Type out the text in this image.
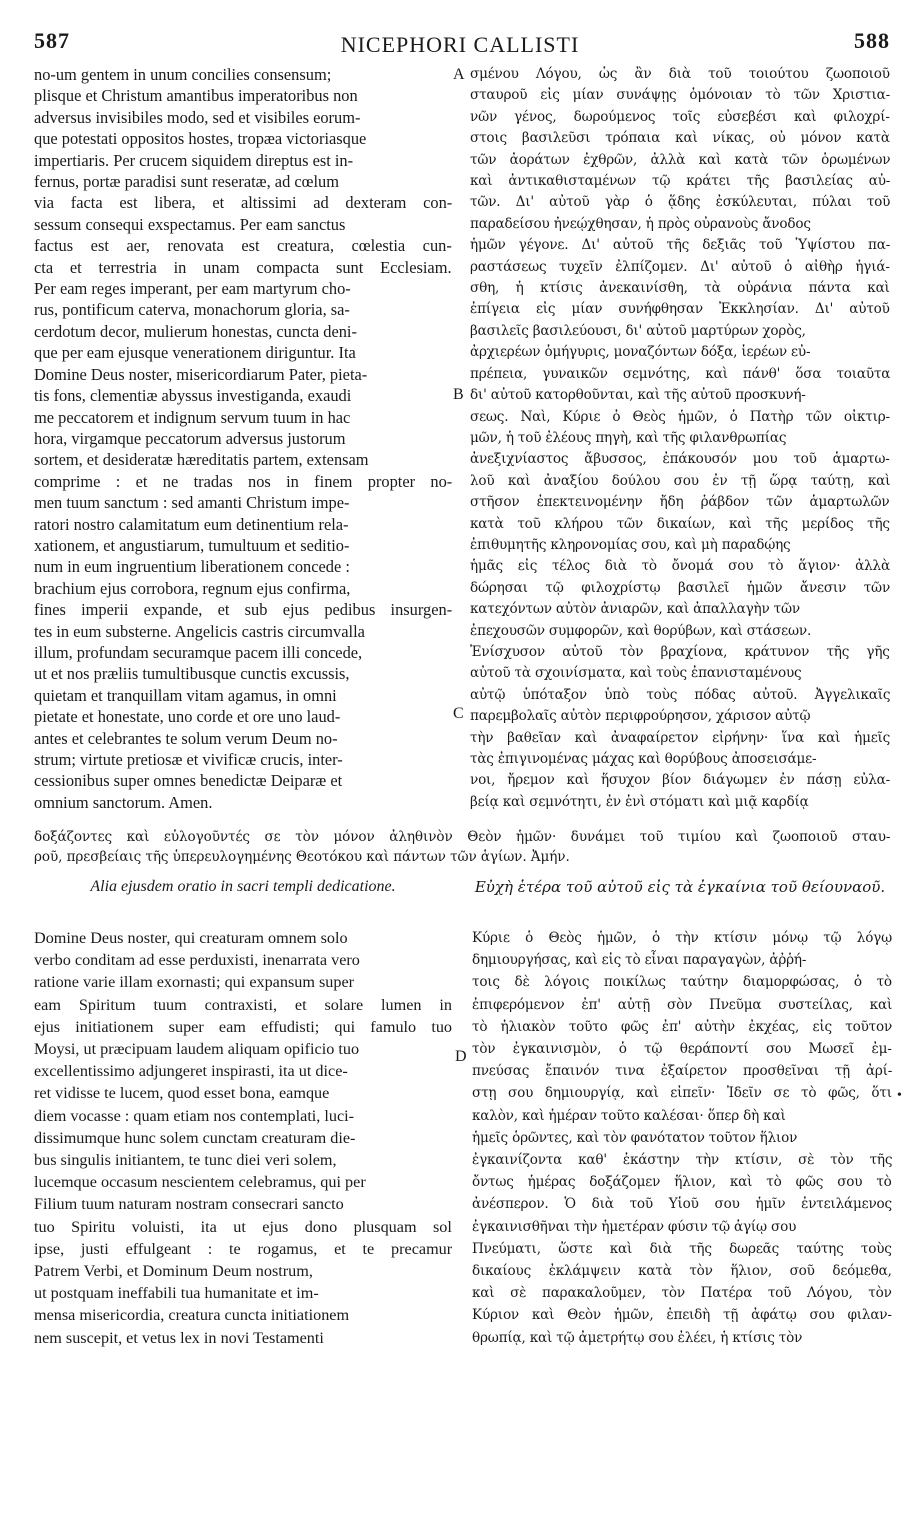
587	NICEPHORI CALLISTI	588
no-um gentem in unum concilies consensum;
plisque et Christum amantibus imperatoribus non
adversus invisibiles modo, sed et visibiles eorum-
que potestati oppositos hostes, tropæa victoriasque
impertiaris. Per crucem siquidem direptus est in-
fernus, portæ paradisi sunt reseratæ, ad cœlum
via facta est libera, et altissimi ad dexteram con-
sessum consequi exspectamus. Per eam sanctus
factus est aer, renovata est creatura, cœlestia cun-
cta et terrestria in unam compacta sunt Ecclesiam.
Per eam reges imperant, per eam martyrum cho-
rus, pontificum caterva, monachorum gloria, sa-
cerdotum decor, mulierum honestas, cuncta deni-
que per eam ejusque venerationem diriguntur. Ita
Domine Deus noster, misericordiarum Pater, pieta-
tis fons, clementiæ abyssus investiganda, exaudi
me peccatorem et indignum servum tuum in hac
hora, virgamque peccatorum adversus justorum
sortem, et desideratæ hæreditatis partem, extensam
comprime : et ne tradas nos in finem propter no-
men tuum sanctum : sed amanti Christum impe-
ratori nostro calamitatum eum detinentium rela-
xationem, et angustiarum, tumultuum et seditio-
num in eum ingruentium liberationem concede :
brachium ejus corrobora, regnum ejus confirma,
fines imperii expande, et sub ejus pedibus insurgen-
tes in eum substerne. Angelicis castris circumvalla
illum, profundam securamque pacem illi concede,
ut et nos præliis tumultibusque cunctis excussis,
quietam et tranquillam vitam agamus, in omni
pietate et honestate, uno corde et ore uno laud-
antes et celebrantes te solum verum Deum no-
strum; virtute pretiosæ et vivificæ crucis, inter-
cessionibus super omnes benedictæ Deiparæ et
omnium sanctorum. Amen.
A
B
C
σμένου Λόγου, ὡς ἂν διὰ τοῦ τοιούτου ζωοποιοῦ
σταυροῦ εἰς μίαν συνάψῃς ὁμόνοιαν τὸ τῶν Χριστια-
νῶν γένος, δωρούμενος τοῖς εὐσεβέσι καὶ φιλοχρί-
στοις βασιλεῦσι τρόπαια καὶ νίκας, οὐ μόνον κατὰ
τῶν ἀοράτων ἐχθρῶν, ἀλλὰ καὶ κατὰ τῶν ὁρωμένων
καὶ ἀντικαθισταμένων τῷ κράτει τῆς βασιλείας αὐ-
τῶν. Δι' αὐτοῦ γὰρ ὁ ᾅδης ἐσκύλευται, πύλαι τοῦ
παραδείσου ἠνεῴχθησαν, ἡ πρὸς οὐρανοὺς ἄνοδος
ἡμῶν γέγονε. Δι' αὐτοῦ τῆς δεξιᾶς τοῦ Ὑψίστου πα-
ραστάσεως τυχεῖν ἐλπίζομεν. Δι' αὐτοῦ ὁ αἰθὴρ ἡγιά-
σθη, ἡ κτίσις ἀνεκαινίσθη, τὰ οὐράνια πάντα καὶ
ἐπίγεια εἰς μίαν συνήφθησαν Ἐκκλησίαν. Δι' αὐτοῦ
βασιλεῖς βασιλεύουσι, δι' αὐτοῦ μαρτύρων χορὸς,
ἀρχιερέων ὁμήγυρις, μοναζόντων δόξα, ἱερέων εὐ-
πρέπεια, γυναικῶν σεμνότης, καὶ πάνθ' ὅσα τοιαῦτα
δι' αὐτοῦ κατορθοῦνται, καὶ τῆς αὐτοῦ προσκυνή-
σεως. Ναὶ, Κύριε ὁ Θεὸς ἡμῶν, ὁ Πατὴρ τῶν οἰκτιρ-
μῶν, ἡ τοῦ ἐλέους πηγὴ, καὶ τῆς φιλανθρωπίας
ἀνεξιχνίαστος ἄβυσσος, ἐπάκουσόν μου τοῦ ἁμαρτω-
λοῦ καὶ ἀναξίου δούλου σου ἐν τῇ ὥρᾳ ταύτῃ, καὶ
στῆσον ἐπεκτεινομένην ἤδη ῥάβδον τῶν ἁμαρτωλῶν
κατὰ τοῦ κλήρου τῶν δικαίων, καὶ τῆς μερίδος τῆς
ἐπιθυμητῆς κληρονομίας σου, καὶ μὴ παραδῴης
ἡμᾶς εἰς τέλος διὰ τὸ ὄνομά σου τὸ ἅγιον· ἀλλὰ
δώρησαι τῷ φιλοχρίστῳ βασιλεῖ ἡμῶν ἄνεσιν τῶν
κατεχόντων αὐτὸν ἀνιαρῶν, καὶ ἀπαλλαγὴν τῶν
ἐπεχουσῶν συμφορῶν, καὶ θορύβων, καὶ στάσεων.
Ἐνίσχυσον αὐτοῦ τὸν βραχίονα, κράτυνον τῆς γῆς
αὐτοῦ τὰ σχοινίσματα, καὶ τοὺς ἐπανισταμένους
αὐτῷ ὑπόταξον ὑπὸ τοὺς πόδας αὐτοῦ. Ἀγγελικαῖς
παρεμβολαῖς αὐτὸν περιφρούρησον, χάρισον αὐτῷ
τὴν βαθεῖαν καὶ ἀναφαίρετον εἰρήνην· ἵνα καὶ ἡμεῖς
τὰς ἐπιγινομένας μάχας καὶ θορύβους ἀποσεισάμε-
νοι, ἤρεμον καὶ ἥσυχον βίον διάγωμεν ἐν πάσῃ εὐλα-
βείᾳ καὶ σεμνότητι, ἐν ἑνὶ στόματι καὶ μιᾷ καρδίᾳ
δοξάζοντες καὶ εὐλογοῦντές σε τὸν μόνον ἀληθινὸν Θεὸν ἡμῶν· δυνάμει τοῦ τιμίου καὶ ζωοποιοῦ σταυ-
ροῦ, πρεσβείαις τῆς ὑπερευλογημένης Θεοτόκου καὶ πάντων τῶν ἁγίων. Ἀμήν.
Alia ejusdem oratio in sacri templi dedicatione.	Εὐχὴ ἑτέρα τοῦ αὐτοῦ εἰς τὰ ἐγκαίνια τοῦ θείουναοῦ.
Domine Deus noster, qui creaturam omnem solo
verbo conditam ad esse perduxisti, inenarrata vero
ratione varie illam exornasti; qui expansum super
eam Spiritum tuum contraxisti, et solare lumen in
ejus initiationem super eam effudisti; qui famulo tuo
Moysi, ut præcipuam laudem aliquam opificio tuo
excellentissimo adjungeret inspirasti, ita ut dice-
ret vidisse te lucem, quod esset bona, eamque
diem vocasse : quam etiam nos contemplati, luci-
dissimumque hunc solem cunctam creaturam die-
bus singulis initiantem, te tunc diei veri solem,
lucemque occasum nescientem celebramus, qui per
Filium tuum naturam nostram consecrari sancto
tuo Spiritu voluisti, ita ut ejus dono plusquam sol
ipse, justi effulgeant : te rogamus, et te precamur
Patrem Verbi, et Dominum Deum nostrum,
ut postquam ineffabili tua humanitate et im-
mensa misericordia, creatura cuncta initiationem
nem suscepit, et vetus lex in novi Testamenti
D
Κύριε ὁ Θεὸς ἡμῶν, ὁ τὴν κτίσιν μόνῳ τῷ λόγῳ
δημιουργήσας, καὶ εἰς τὸ εἶναι παραγαγὼν, ἀῤῥή-
τοις δὲ λόγοις ποικίλως ταύτην διαμορφώσας, ὁ τὸ
ἐπιφερόμενον ἐπ' αὐτῇ σὸν Πνεῦμα συστείλας, καὶ
τὸ ἡλιακὸν τοῦτο φῶς ἐπ' αὐτὴν ἐκχέας, εἰς τοῦτον
τὸν ἐγκαινισμὸν, ὁ τῷ θεράποντί σου Μωσεῖ ἐμ-
πνεύσας ἔπαινόν τινα ἐξαίρετον προσθεῖναι τῇ ἀρί-
στῃ σου δημιουργίᾳ, καὶ εἰπεῖν· Ἰδεῖν σε τὸ φῶς, ὅτι
καλὸν, καὶ ἡμέραν τοῦτο καλέσαι· ὅπερ δὴ καὶ
ἡμεῖς ὁρῶντες, καὶ τὸν φανότατον τοῦτον ἥλιον
ἐγκαινίζοντα καθ' ἑκάστην τὴν κτίσιν, σὲ τὸν τῆς
ὄντως ἡμέρας δοξάζομεν ἥλιον, καὶ τὸ φῶς σου τὸ
ἀνέσπερον. Ὁ διὰ τοῦ Υἱοῦ σου ἡμῖν ἐντειλάμενος
ἐγκαινισθῆναι τὴν ἡμετέραν φύσιν τῷ ἁγίῳ σου
Πνεύματι, ὥστε καὶ διὰ τῆς δωρεᾶς ταύτης τοὺς
δικαίους ἐκλάμψειν κατὰ τὸν ἥλιον, σοῦ δεόμεθα,
καὶ σὲ παρακαλοῦμεν, τὸν Πατέρα τοῦ Λόγου, τὸν
Κύριον καὶ Θεὸν ἡμῶν, ἐπειδὴ τῇ ἀφάτῳ σου φιλαν-
θρωπίᾳ, καὶ τῷ ἀμετρήτῳ σου ἐλέει, ἡ κτίσις τὸν
•
